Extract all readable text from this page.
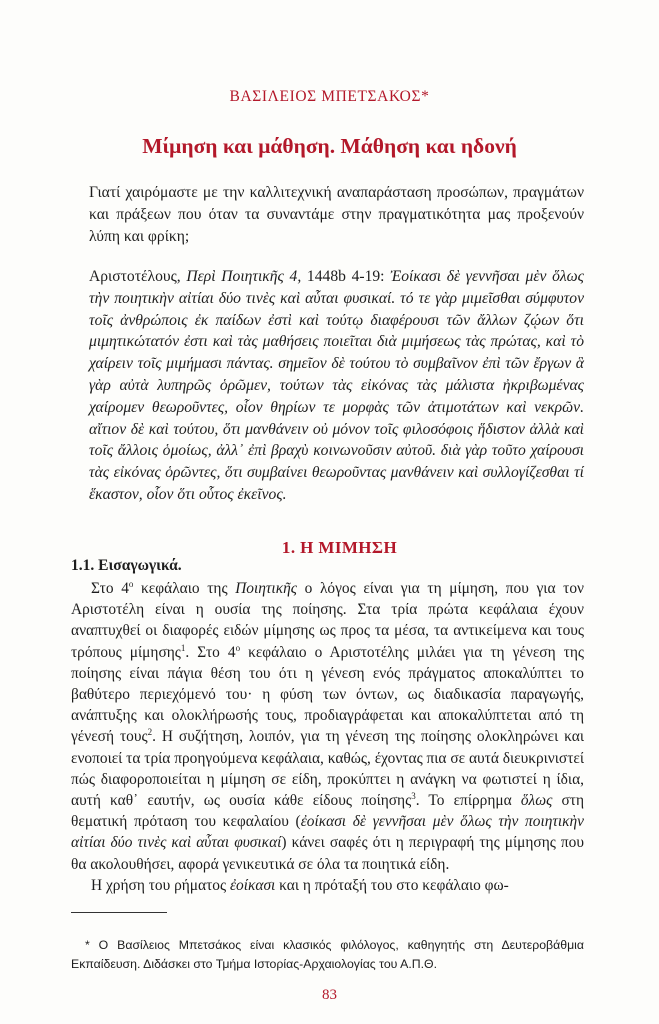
ΒΑΣΙΛΕΙΟΣ ΜΠΕΤΣΑΚΟΣ*
Μίμηση και μάθηση. Μάθηση και ηδονή

Γιατί χαιρόμαστε με την καλλιτεχνική αναπαράσταση προσώπων, πραγμάτων και πράξεων που όταν τα συναντάμε στην πραγματικότητα μας προξενούν λύπη και φρίκη;

Αριστοτέλους, Περὶ Ποιητικῆς 4, 1448b 4-19: Ἐοίκασι δὲ γεννῆσαι μὲν ὅλως τὴν ποιητικὴν αἰτίαι δύο τινὲς καὶ αὗται φυσικαί. τό τε γὰρ μιμεῖσθαι σύμφυτον τοῖς ἀνθρώποις ἐκ παίδων ἐστὶ καὶ τούτῳ διαφέρουσι τῶν ἄλλων ζῴων ὅτι μιμητικώτατόν ἐστι καὶ τὰς μαθήσεις ποιεῖται διὰ μιμήσεως τὰς πρώτας, καὶ τὸ χαίρειν τοῖς μιμήμασι πάντας. σημεῖον δὲ τούτου τὸ συμβαῖνον ἐπὶ τῶν ἔργων ἃ γὰρ αὐτὰ λυπηρῶς ὁρῶμεν, τούτων τὰς εἰκόνας τὰς μάλιστα ἠκριβωμένας χαίρομεν θεωροῦντες, οἷον θηρίων τε μορφὰς τῶν ἀτιμοτάτων καὶ νεκρῶν. αἴτιον δὲ καὶ τούτου, ὅτι μανθάνειν οὐ μόνον τοῖς φιλοσόφοις ἥδιστον ἀλλὰ καὶ τοῖς ἄλλοις ὁμοίως, ἀλλ᾽ ἐπὶ βραχὺ κοινωνοῦσιν αὐτοῦ. διὰ γὰρ τοῦτο χαίρουσι τὰς εἰκόνας ὁρῶντες, ὅτι συμβαίνει θεωροῦντας μανθάνειν καὶ συλλογίζεσθαι τί ἕκαστον, οἷον ὅτι οὗτος ἐκεῖνος.

1. Η ΜΙΜΗΣΗ
1.1. Εισαγωγικά.

Στο $4^o$ κεφάλαιο της Ποιητικῆς ο λόγος είναι για τη μίμηση, που για τον Αριστοτέλη είναι η ουσία της ποίησης. Στα τρία πρώτα κεφάλαια έχουν αναπτυχθεί οι διαφορές ειδών μίμησης ως προς τα μέσα, τα αντικείμενα και τους τρόπους μίμησης$^1$. Στο $4^o$ κεφάλαιο ο Αριστοτέλης μιλάει για τη γένεση της ποίησης είναι πάγια θέση του ότι η γένεση ενός πράγματος αποκαλύπτει το βαθύτερο περιεχόμενό του· η φύση των όντων, ως διαδικασία παραγωγής, ανάπτυξης και ολοκλήρωσής τους, προδιαγράφεται και αποκαλύπτεται από τη γένεσή τους$^2$. Η συζήτηση, λοιπόν, για τη γένεση της ποίησης ολοκληρώνει και ενοποιεί τα τρία προηγούμενα κεφάλαια, καθώς, έχοντας πια σε αυτά διευκρινιστεί πώς διαφοροποιείται η μίμηση σε είδη, προκύπτει η ανάγκη να φωτιστεί η ίδια, αυτή καθ᾽ εαυτήν, ως ουσία κάθε είδους ποίησης$^3$. Το επίρρημα ὅλως στη θεματική πρόταση του κεφαλαίου (ἐοίκασι δὲ γεννῆσαι μὲν ὅλως τὴν ποιητικὴν αἰτίαι δύο τινὲς καὶ αὗται φυσικαί) κάνει σαφές ότι η περιγραφή της μίμησης που θα ακολουθήσει, αφορά γενικευτικά σε όλα τα ποιητικά είδη.

Η χρήση του ρήματος ἐοίκασι και η πρόταξή του στο κεφάλαιο φω-

* Ο Βασίλειος Μπετσάκος είναι κλασικός φιλόλογος, καθηγητής στη Δευτεροβάθμια Εκπαίδευση. Διδάσκει στο Τμήμα Ιστορίας-Αρχαιολογίας του Α.Π.Θ.

83
